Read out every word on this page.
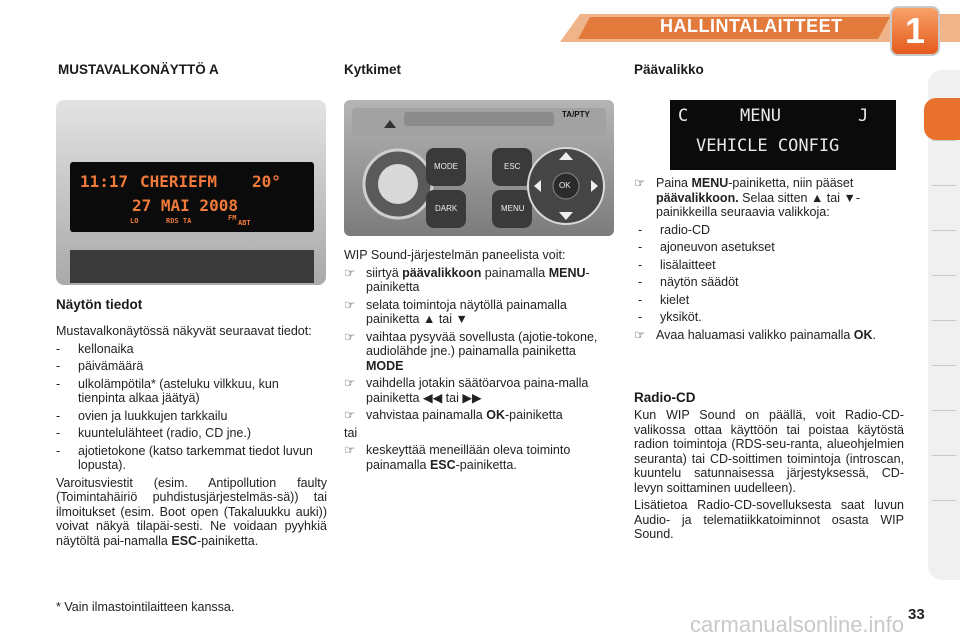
HALLINTALAITTEET	1
MUSTAVALKONÄYTTÖ A
11:17 CHERIEFM 20°
27 MAI 2008
LO	RDS TA	FM
ABT
Näytön tiedot
Mustavalkonäytössä näkyvät seuraavat tiedot:
- kellonaika
- päivämäärä
- ulkolämpötila* (asteluku vilkkuu, kun tienpinta alkaa jäätyä)
- ovien ja luukkujen tarkkailu
- kuuntelulähteet (radio, CD jne.)
- ajotietokone (katso tarkemmat tiedot luvun lopusta).
Varoitusviestit (esim. Antipollution faulty (Toimintahäiriö puhdistusjärjestelmäs-sä)) tai ilmoitukset (esim. Boot open (Takaluukku auki)) voivat näkyä tilapäi-sesti. Ne voidaan pyyhkiä näytöltä pai-namalla ESC-painiketta.
* Vain ilmastointilaitteen kanssa.
Kytkimet
TA/PTY
MODE	ESC
DARK	MENU
OK
WIP Sound-järjestelmän paneelista voit:
☞ siirtyä päävalikkoon painamalla MENU-painiketta
☞ selata toimintoja näytöllä painamalla painiketta ▲ tai ▼
☞ vaihtaa pysyvää sovellusta (ajotie-tokone, audiolähde jne.) painamalla painiketta MODE
☞ vaihdella jotakin säätöarvoa paina-malla painiketta ◀◀ tai ▶▶
☞ vahvistaa painamalla OK-painiketta
tai
☞ keskeyttää meneillään oleva toiminto painamalla ESC-painiketta.
Päävalikko
C	MENU	J
VEHICLE CONFIG
☞ Paina MENU-painiketta, niin pääset päävalikkoon. Selaa sitten ▲ tai ▼-painikkeilla seuraavia valikkoja:
- radio-CD
- ajoneuvon asetukset
- lisälaitteet
- näytön säädöt
- kielet
- yksiköt.
☞ Avaa haluamasi valikko painamalla OK.
Radio-CD
Kun WIP Sound on päällä, voit Radio-CD-valikossa ottaa käyttöön tai poistaa käytöstä radion toimintoja (RDS-seu-ranta, alueohjelmien seuranta) tai CD-soittimen toimintoja (introscan, kuuntelu satunnaisessa järjestyksessä, CD-levyn soittaminen uudelleen).
Lisätietoa Radio-CD-sovelluksesta saat luvun Audio- ja telematiikkatoiminnot osasta WIP Sound.
33
carmanualsonline.info
